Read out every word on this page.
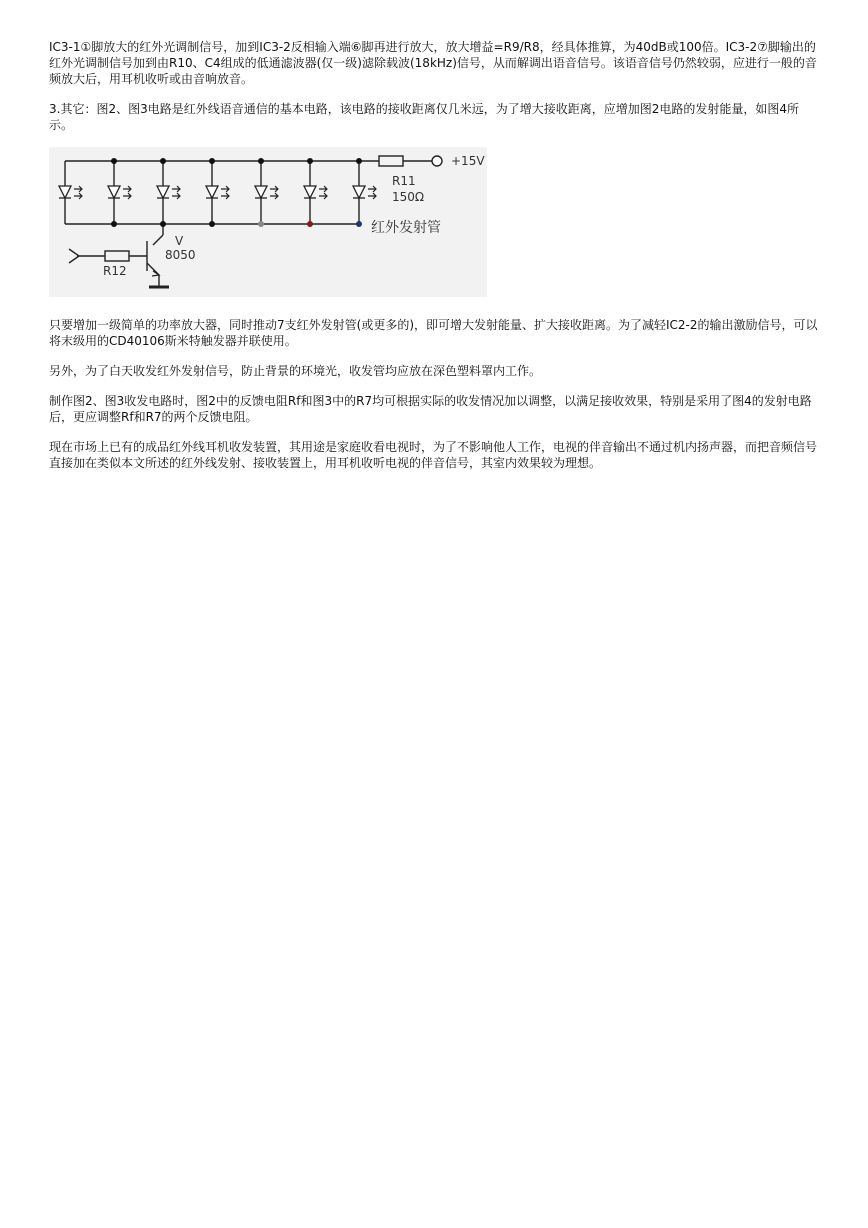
IC3-1①脚放大的红外光调制信号，加到IC3-2反相输入端⑥脚再进行放大，放大增益=R9/R8，经具体推算，为40dB或100倍。IC3-2⑦脚输出的红外光调制信号加到由R10、C4组成的低通滤波器(仅一级)滤除载波(18kHz)信号，从而解调出语音信号。该语音信号仍然较弱，应进行一般的音频放大后，用耳机收听或由音响放音。

3.其它：图2、图3电路是红外线语音通信的基本电路，该电路的接收距离仅几米远，为了增大接收距离，应增加图2电路的发射能量，如图4所示。

+15V
R11
150Ω
红外发射管
V
8050
R12

只要增加一级简单的功率放大器，同时推动7支红外发射管(或更多的)，即可增大发射能量、扩大接收距离。为了减轻IC2-2的输出激励信号，可以将末级用的CD40106斯米特触发器并联使用。

另外，为了白天收发红外发射信号，防止背景的环境光，收发管均应放在深色塑料罩内工作。

制作图2、图3收发电路时，图2中的反馈电阻Rf和图3中的R7均可根据实际的收发情况加以调整，以满足接收效果，特别是采用了图4的发射电路后，更应调整Rf和R7的两个反馈电阻。

现在市场上已有的成品红外线耳机收发装置，其用途是家庭收看电视时，为了不影响他人工作，电视的伴音输出不通过机内扬声器，而把音频信号直接加在类似本文所述的红外线发射、接收装置上，用耳机收听电视的伴音信号，其室内效果较为理想。
